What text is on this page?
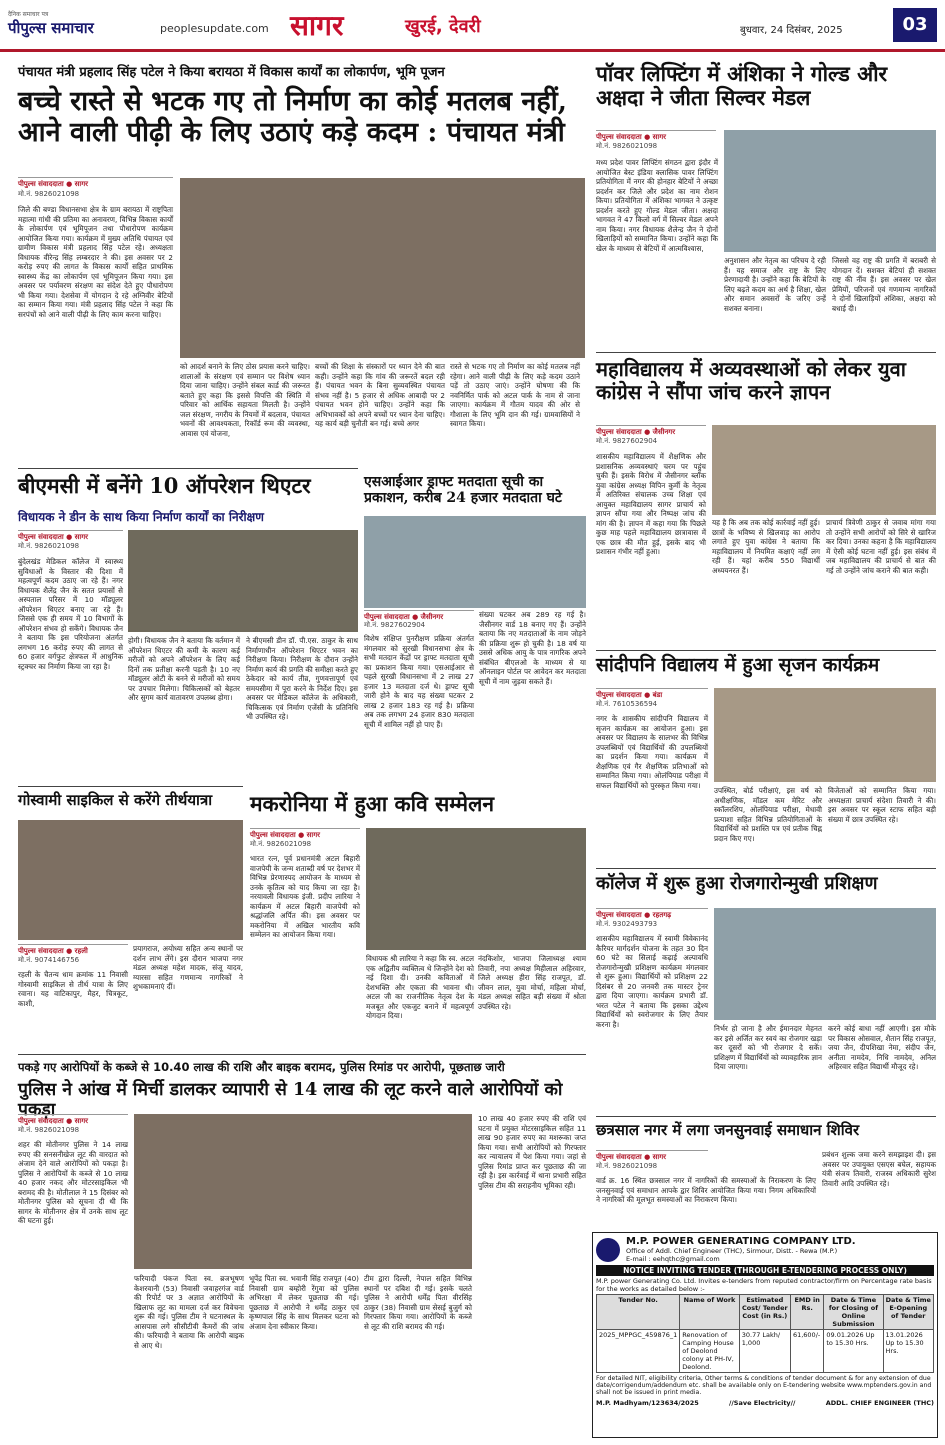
दैनिक समाचार पत्र
पीपुल्स समाचार	peoplesupdate.com सागर	खुरई, देवरी	बुधवार, 24 दिसंबर, 2025	03
पंचायत मंत्री प्रहलाद सिंह पटेल ने किया बरायठा में विकास कार्यों का लोकार्पण, भूमि पूजन
बच्चे रास्ते से भटक गए तो निर्माण का कोई मतलब नहीं, आने वाली पीढ़ी के लिए उठाएं कड़े कदम : पंचायत मंत्री
पीपुल्स संवाददाता ● सागर
मो.नं. 9826021098
जिले की बण्डा विधानसभा क्षेत्र के ग्राम बरायठा में राष्ट्रपिता महात्मा गांधी की प्रतिमा का अनावरण, विभिन्न विकास कार्यों के लोकार्पण एवं भूमिपूजन तथा पौधारोपण कार्यक्रम आयोजित किया गया। कार्यक्रम में मुख्य अतिथि पंचायत एवं ग्रामीण विकास मंत्री प्रहलाद सिंह पटेल रहे। अध्यक्षता विधायक वीरेन्द्र सिंह लम्बरदार ने की। इस अवसर पर 2 करोड़ रुपए की लागत के विकास कार्यों सहित प्राथमिक स्वास्थ्य केंद्र का लोकार्पण एवं भूमिपूजन किया गया। इस अवसर पर पर्यावरण संरक्षण का संदेश देते हुए पौधारोपण भी किया गया। देशसेवा में योगदान दे रहे अग्निवीर बेटियों का सम्मान किया गया। मंत्री प्रहलाद सिंह पटेल ने कहा कि सरपंचों को आने वाली पीढ़ी के लिए काम करना चाहिए।
को आदर्श बनाने के लिए ठोस प्रयास करने चाहिए। शालाओं के संरक्षण एवं सम्मान पर विशेष ध्यान दिया जाना चाहिए। उन्होंने संबल कार्ड की जरूरत बताते हुए कहा कि इससे विपत्ति की स्थिति में परिवार को आर्थिक सहायता मिलती है। उन्होंने जल संरक्षण, नगरीय के नियमों में बदलाव, पंचायत भवनों की आवश्यकता, रिकॉर्ड रूम की व्यवस्था, आवास एवं योजना,
बच्चों की शिक्षा के संस्कारों पर ध्यान देने की बात कही। उन्होंने कहा कि गांव की जरूरतें बदल रही हैं। पंचायत भवन के बिना सुव्यवस्थित पंचायत संभव नहीं है। 5 हजार से अधिक आबादी पर 2 पंचायत भवन होने चाहिए। उन्होंने कहा कि अभिभावकों को अपने बच्चों पर ध्यान देना चाहिए। यह कार्य बड़ी चुनौती बन गई। बच्चे अगर
रास्ते से भटक गए तो निर्माण का कोई मतलब नहीं रहेगा। आने वाली पीढ़ी के लिए कड़े कदम उठाने पड़ें तो उठाए जाएं। उन्होंने घोषणा की कि नवनिर्मित पार्क को अटल पार्क के नाम से जाना जाएगा। कार्यक्रम में गौतम यादव की ओर से गौशाला के लिए भूमि दान की गई। ग्रामवासियों ने स्वागत किया।
पॉवर लिफ्टिंग में अंशिका ने गोल्ड और अक्षदा ने जीता सिल्वर मेडल
पीपुल्स संवाददाता ● सागर
मो.नं. 9826021098
मध्य प्रदेश पावर लिफ्टिंग संगठन द्वारा इंदौर में आयोजित बेस्ट इंडिया क्लासिक पावर लिफ्टिंग प्रतियोगिता में नगर की होनहार बेटियों ने अच्छा प्रदर्शन कर जिले और प्रदेश का नाम रोशन किया। प्रतियोगिता में अंशिका भागवत ने उत्कृष्ट प्रदर्शन करते हुए गोल्ड मेडल जीता। अक्षदा भागवत ने 47 किलो वर्ग में सिल्वर मेडल अपने नाम किया। नगर विधायक शैलेन्द्र जैन ने दोनों खिलाड़ियों को सम्मानित किया। उन्होंने कहा कि खेल के माध्यम से बेटियों में आत्मविश्वास,
अनुशासन और नेतृत्व का परिचय दे रही हैं। यह समाज और राष्ट्र के लिए प्रेरणादायी है। उन्होंने कहा कि बेटियों के लिए बढ़ते कदम का अर्थ है शिक्षा, खेल और समान अवसरों के जरिए उन्हें सशक्त बनाना।
जिससे वह राष्ट्र की प्रगति में बराबरी से योगदान दें। सशक्त बेटियां ही सशक्त राष्ट्र की नींव हैं। इस अवसर पर खेल प्रेमियों, परिजनों एवं गणमान्य नागरिकों ने दोनों खिलाड़ियों अंशिका, अक्षदा को बधाई दी।
महाविद्यालय में अव्यवस्थाओं को लेकर युवा कांग्रेस ने सौंपा जांच करने ज्ञापन
पीपुल्स संवाददाता ● जैसीनगर
मो.नं. 9827602904
शासकीय महाविद्यालय में शैक्षणिक और प्रशासनिक अव्यवस्थाएं चरम पर पहुंच चुकी हैं। इसके विरोध में जैसीनगर ब्लॉक युवा कांग्रेस अध्यक्ष विपिन कुर्मी के नेतृत्व में अतिरिक्त संचालक उच्च शिक्षा एवं आयुक्त महाविद्यालय सागर प्राचार्य को ज्ञापन सौंपा गया और निष्पक्ष जांच की मांग की है। ज्ञापन में कहा गया कि पिछले कुछ माह पहले महाविद्यालय छात्रावास में एक छात्र की मौत हुई, इसके बाद भी प्रशासन गंभीर नहीं हुआ।
यह है कि अब तक कोई कार्रवाई नहीं हुई। छात्रों के भविष्य से खिलवाड़ का आरोप लगाते हुए युवा कांग्रेस ने बताया कि महाविद्यालय में नियमित कक्षाएं नहीं लग रही हैं। यहां करीब 550 विद्यार्थी अध्ययनरत हैं।
प्राचार्य त्रिवेणी ठाकुर से जवाब मांगा गया तो उन्होंने सभी आरोपों को सिरे से खारिज कर दिया। उनका कहना है कि महाविद्यालय में ऐसी कोई घटना नहीं हुई। इस संबंध में जब महाविद्यालय की प्राचार्य से बात की गई तो उन्होंने जांच कराने की बात कही।
बीएमसी में बनेंगे 10 ऑपरेशन थिएटर
विधायक ने डीन के साथ किया निर्माण कार्यों का निरीक्षण
पीपुल्स संवाददाता ● सागर
मो.नं. 9826021098
बुंदेलखंड मेडिकल कॉलेज में स्वास्थ्य सुविधाओं के विस्तार की दिशा में महत्वपूर्ण कदम उठाए जा रहे हैं। नगर विधायक शैलेंद्र जैन के सतत प्रयासों से अस्पताल परिसर में 10 मॉड्यूलर ऑपरेशन थिएटर बनाए जा रहे हैं। जिससे एक ही समय में 10 विभागों के ऑपरेशन संभव हो सकेंगे। विधायक जैन ने बताया कि इस परियोजना अंतर्गत लगभग 16 करोड़ रुपए की लागत से 60 हजार वर्गफुट क्षेत्रफल में आधुनिक स्ट्रक्चर का निर्माण किया जा रहा है।
होगी। विधायक जैन ने बताया कि वर्तमान में ऑपरेशन थिएटर की कमी के कारण कई मरीजों को अपने ऑपरेशन के लिए कई दिनों तक प्रतीक्षा करनी पड़ती है। 10 नए मॉड्यूलर ओटी के बनने से मरीजों को समय पर उपचार मिलेगा। चिकित्सकों को बेहतर और सुगम कार्य वातावरण उपलब्ध होगा।
ने बीएमसी डीन डॉ. पी.एस. ठाकुर के साथ निर्माणाधीन ऑपरेशन थिएटर भवन का निरीक्षण किया। निरीक्षण के दौरान उन्होंने निर्माण कार्य की प्रगति की समीक्षा करते हुए ठेकेदार को कार्य तीव्र, गुणवत्तापूर्ण एवं समयसीमा में पूरा करने के निर्देश दिए। इस अवसर पर मेडिकल कॉलेज के अधिकारी, चिकित्सक एवं निर्माण एजेंसी के प्रतिनिधि भी उपस्थित रहे।
एसआईआर ड्राफ्ट मतदाता सूची का प्रकाशन, करीब 24 हजार मतदाता घटे
पीपुल्स संवाददाता ● जैसीनगर
मो.नं. 9827602904
विशेष संक्षिप्त पुनरीक्षण प्रक्रिया अंतर्गत मंगलवार को सुरखी विधानसभा क्षेत्र के सभी मतदान केंद्रों पर ड्राफ्ट मतदाता सूची का प्रकाशन किया गया। एसआईआर से पहले सुरखी विधानसभा में 2 लाख 27 हजार 13 मतदाता दर्ज थे। ड्राफ्ट सूची जारी होने के बाद यह संख्या घटकर 2 लाख 2 हजार 183 रह गई है। प्रक्रिया अब तक लगभग 24 हजार 830 मतदाता सूची में शामिल नहीं हो पाए हैं।
संख्या घटकर अब 289 रह गई है। जैसीनगर वार्ड 18 बनाए गए हैं। उन्होंने बताया कि नए मतदाताओं के नाम जोड़ने की प्रक्रिया शुरू हो चुकी है। 18 वर्ष या उससे अधिक आयु के पात्र नागरिक अपने संबंधित बीएलओ के माध्यम से या ऑनलाइन पोर्टल पर आवेदन कर मतदाता सूची में नाम जुड़वा सकते हैं।
सांदीपनि विद्यालय में हुआ सृजन कार्यक्रम
पीपुल्स संवाददाता ● बंडा
मो.नं. 7610536594
नगर के शासकीय सांदीपनि विद्यालय में सृजन कार्यक्रम का आयोजन हुआ। इस अवसर पर विद्यालय के सालभर की विभिन्न उपलब्धियों एवं विद्यार्थियों की उपलब्धियों का प्रदर्शन किया गया। कार्यक्रम में शैक्षणिक एवं गैर शैक्षणिक प्रतिभाओं को सम्मानित किया गया। ओलंपियाड परीक्षा में सफल विद्यार्थियों को पुरस्कृत किया गया।
उपस्थित, बोर्ड परीक्षाएं, इस वर्ष को अधीक्षणिक, मॉडल कम मेरिट और स्कॉलरशिप, ओलंपियाड परीक्षा, मेधावी प्रत्याशा सहित विभिन्न प्रतियोगिताओं के विद्यार्थियों को प्रशस्ति पत्र एवं प्रतीक चिह्न प्रदान किए गए।
विजेताओं को सम्मानित किया गया। अध्यक्षता प्राचार्य संदेशा तिवारी ने की। इस अवसर पर स्कूल स्टाफ सहित बड़ी संख्या में छात्र उपस्थित रहे।
गोस्वामी साइकिल से करेंगे तीर्थयात्रा
पीपुल्स संवाददाता ● रहली
मो.नं. 9074146756
रहली के चैतन्य धाम क्रमांक 11 निवासी गोस्वामी साइकिल से तीर्थ यात्रा के लिए रवाना। यह वाटिकापुर, मैहर, चित्रकूट, काशी,
प्रयागराज, अयोध्या सहित अन्य स्थानों पर दर्शन लाभ लेंगे। इस दौरान भाजपा नगर मंडल अध्यक्ष महेश मादक, संजू यादव, ग्यारसा सहित गणमान्य नागरिकों ने शुभकामनाएं दीं।
मकरोनिया में हुआ कवि सम्मेलन
पीपुल्स संवाददाता ● सागर
मो.नं. 9826021098
भारत रत्न, पूर्व प्रधानमंत्री अटल बिहारी वाजपेयी के जन्म शताब्दी वर्ष पर देशभर में विभिन्न प्रेरणास्पद आयोजन के माध्यम से उनके कृतित्व को याद किया जा रहा है। नरयावली विधायक इंजी. प्रदीप लारिया ने कार्यक्रम में अटल बिहारी वाजपेयी को श्रद्धांजलि अर्पित की। इस अवसर पर मकरोनिया में अखिल भारतीय कवि सम्मेलन का आयोजन किया गया।
विधायक श्री लारिया ने कहा कि स्व. अटल एक अद्वितीय व्यक्तित्व थे जिन्होंने देश को नई दिशा दी। उनकी कविताओं में देशभक्ति और एकता की भावना थी। अटल जी का राजनीतिक नेतृत्व देश के मजबूत और एकजुट बनाने में महत्वपूर्ण योगदान दिया।
नंदकिशोर, भाजपा जिलाध्यक्ष श्याम तिवारी, नपा अध्यक्ष मिहीलाल अहिरवार, जिले अध्यक्ष हीरा सिंह राजपूत, डॉ. जीवन लाल, युवा मोर्चा, महिला मोर्चा, मंडल अध्यक्ष सहित बड़ी संख्या में श्रोता उपस्थित रहे।
कॉलेज में शुरू हुआ रोजगारोन्मुखी प्रशिक्षण
पीपुल्स संवाददाता ● रहतगढ़
मो.नं. 9302493793
शासकीय महाविद्यालय में स्वामी विवेकानंद कैरियर मार्गदर्शन योजना के तहत 30 दिन 60 घंटे का सिलाई कढ़ाई अल्पावधि रोजगारोन्मुखी प्रशिक्षण कार्यक्रम मंगलवार से शुरू हुआ। विद्यार्थियों को प्रशिक्षण 22 दिसंबर से 20 जनवरी तक मास्टर ट्रेनर द्वारा दिया जाएगा। कार्यक्रम प्रभारी डॉ. भरत पटेल ने बताया कि इसका उद्देश्य विद्यार्थियों को स्वरोजगार के लिए तैयार करना है।	निर्भर हो जाना है और ईमानदार मेहनत कर इसे अर्जित कर स्वयं का रोजगार खड़ा कर दूसरों को भी रोजगार दे सकें। प्रशिक्षण में विद्यार्थियों को व्यावहारिक ज्ञान दिया जाएगा।
करने कोई बाधा नहीं आएगी। इस मौके पर विकास ओसवाल, शैतान सिंह राजपूत, जया जैन, दीपशिखा नेमा, संदीप जैन, अनीता नामदेव, निधि नामदेव, अनिल अहिरवार सहित विद्यार्थी मौजूद रहे।
पकड़े गए आरोपियों के कब्जे से 10.40 लाख की राशि और बाइक बरामद, पुलिस रिमांड पर आरोपी, पूछताछ जारी
पुलिस ने आंख में मिर्ची डालकर व्यापारी से 14 लाख की लूट करने वाले आरोपियों को पकड़ा
पीपुल्स संवाददाता ● सागर
मो.नं. 9826021098
शहर की मोतीनगर पुलिस ने 14 लाख रुपए की सनसनीखेज लूट की वारदात को अंजाम देने वाले आरोपियों को पकड़ा है। पुलिस ने आरोपियों के कब्जे से 10 लाख 40 हजार नकद और मोटरसाइकिल भी बरामद की है। मोतीलाल ने 15 दिसंबर को मोतीनगर पुलिस को सूचना दी थी कि सागर के मोतीनगर क्षेत्र में उनके साथ लूट की घटना हुई।
फरियादी पंकज पिता स्व. ब्रजभूषण केशरवानी (53) निवासी जवाहरगंज वार्ड की रिपोर्ट पर 3 अज्ञात आरोपियों के खिलाफ लूट का मामला दर्ज कर विवेचना शुरू की गई। पुलिस टीम ने घटनास्थल के आसपास लगे सीसीटीवी कैमरों की जांच की। फरियादी ने बताया कि आरोपी बाइक से आए थे।
भूपेंद्र पिता स्व. भवानी सिंह राजपूत (40) निवासी ग्राम बम्होरी रेंगुवा को पुलिस अभिरक्षा में लेकर पूछताछ की गई। पूछताछ में आरोपी ने धर्मेंद्र ठाकुर एवं कृष्णपाल सिंह के साथ मिलकर घटना को अंजाम देना स्वीकार किया।
टीम द्वारा दिल्ली, नेपाल सहित विभिन्न स्थानों पर दबिश दी गई। इसके चलते पुलिस ने आरोपी धर्मेंद्र पिता वीरसिंह ठाकुर (38) निवासी ग्राम सेसई बुजुर्ग को गिरफ्तार किया गया। आरोपियों के कब्जे से लूट की राशि बरामद की गई।
10 लाख 40 हजार रुपए की राशि एवं घटना में प्रयुक्त मोटरसाइकिल सहित 11 लाख 90 हजार रुपए का मशरूका जप्त किया गया। सभी आरोपियों को गिरफ्तार कर न्यायालय में पेश किया गया। जहां से पुलिस रिमांड प्राप्त कर पूछताछ की जा रही है। इस कार्रवाई में थाना प्रभारी सहित पुलिस टीम की सराहनीय भूमिका रही।
छत्रसाल नगर में लगा जनसुनवाई समाधान शिविर
पीपुल्स संवाददाता ● सागर
मो.नं. 9826021098
वार्ड क्र. 16 स्थित छत्रसाल नगर में नागरिकों की समस्याओं के निराकरण के लिए जनसुनवाई एवं समाधान आपके द्वार शिविर आयोजित किया गया। निगम अधिकारियों ने नागरिकों की मूलभूत समस्याओं का निराकरण किया।
प्रबंधन शुल्क जमा करने समझाइश दी। इस अवसर पर उपायुक्त एसएस बघेल, सहायक यंत्री संजय तिवारी, राजस्व अधिकारी सुरेश तिवारी आदि उपस्थित रहे।
M.P. POWER GENERATING COMPANY LTD.
Office of Addl. Chief Engineer (THC), Sirmour, Distt. - Rewa (M.P.)
E-mail : eehqthc@gmail.com
NOTICE INVITING TENDER (THROUGH E-TENDERING PROCESS ONLY)
M.P. power Generating Co. Ltd. Invites e-tenders from reputed contractor/firm on Percentage rate basis for the works as detailed below :-
Tender No.	Name of Work	Estimated Cost/ Tender Cost (in Rs.)	EMD in Rs.	Date & Time for Closing of Online Submission	Date & Time E-Opening of Tender
2025_MPPGC_459876_1	Renovation of Camping House of Deolond colony at PH-IV, Deolond.	30.77 Lakh/ 1,000	61,600/-	09.01.2026 Up to 15.30 Hrs.	13.01.2026 Up to 15.30 Hrs.
For detailed NIT, eligibility criteria, Other terms & conditions of tender document & for any extension of due date/corrigendum/addendum etc. shall be available only on E-tendering website www.mptenders.gov.in and shall not be issued in print media.
M.P. Madhyam/123634/2025	//Save Electricity//	ADDL. CHIEF ENGINEER (THC)
